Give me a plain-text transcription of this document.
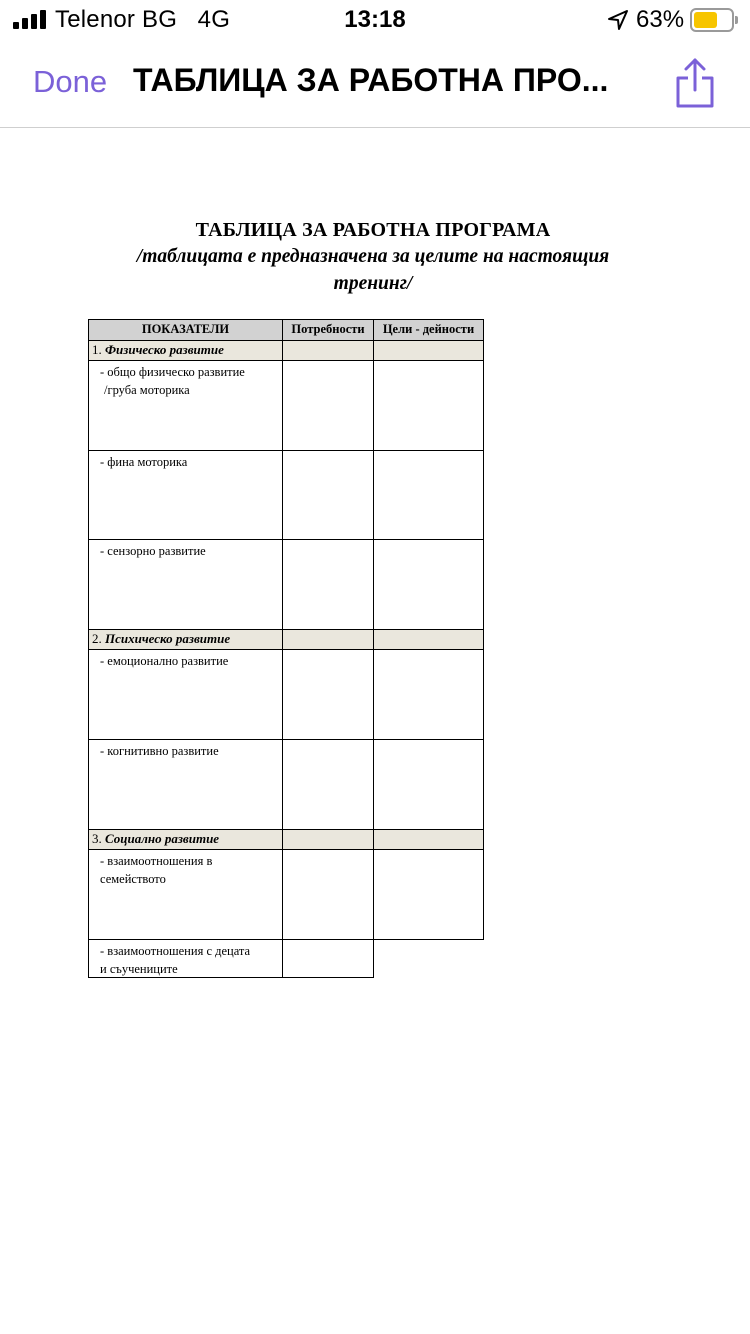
Telenor BG 4G	13:18	63%
Done ТАБЛИЦА ЗА РАБОТНА ПРО...
ТАБЛИЦА ЗА РАБОТНА ПРОГРАМА
/таблицата е предназначена за целите на настоящия
тренинг/
ПОКАЗАТЕЛИ	Потребности	Цели - дейности
1. Физическо развитие
- общо физическо развитие
/груба моторика
- фина моторика
- сензорно развитие
2. Психическо развитие
- емоционално развитие
- когнитивно развитие
3. Социално развитие
- взаимоотношения в
семейството
- взаимоотношения с децата
и съучениците
